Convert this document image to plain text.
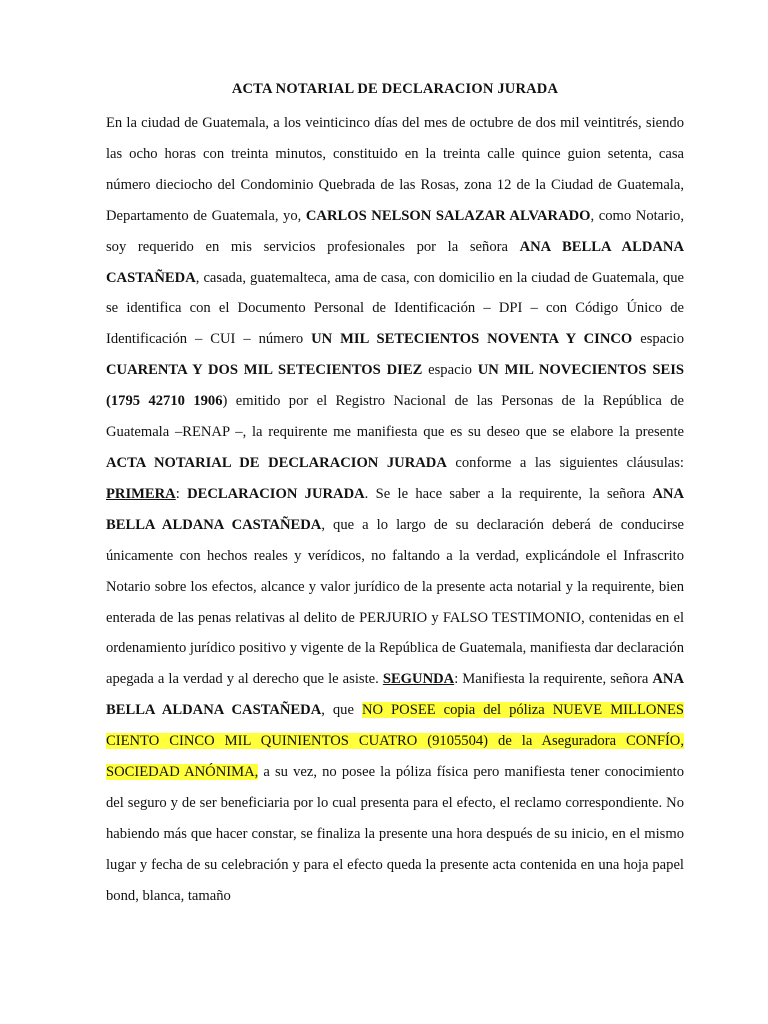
ACTA NOTARIAL DE DECLARACION JURADA

En la ciudad de Guatemala, a los veinticinco días del mes de octubre de dos mil veintitrés, siendo las ocho horas con treinta minutos, constituido en la treinta calle quince guion setenta, casa número dieciocho del Condominio Quebrada de las Rosas, zona 12 de la Ciudad de Guatemala, Departamento de Guatemala, yo, CARLOS NELSON SALAZAR ALVARADO, como Notario, soy requerido en mis servicios profesionales por la señora ANA BELLA ALDANA CASTAÑEDA, casada, guatemalteca, ama de casa, con domicilio en la ciudad de Guatemala, que se identifica con el Documento Personal de Identificación – DPI – con Código Único de Identificación – CUI – número UN MIL SETECIENTOS NOVENTA Y CINCO espacio CUARENTA Y DOS MIL SETECIENTOS DIEZ espacio UN MIL NOVECIENTOS SEIS (1795 42710 1906) emitido por el Registro Nacional de las Personas de la República de Guatemala –RENAP –, la requirente me manifiesta que es su deseo que se elabore la presente ACTA NOTARIAL DE DECLARACION JURADA conforme a las siguientes cláusulas: PRIMERA: DECLARACION JURADA. Se le hace saber a la requirente, la señora ANA BELLA ALDANA CASTAÑEDA, que a lo largo de su declaración deberá de conducirse únicamente con hechos reales y verídicos, no faltando a la verdad, explicándole el Infrascrito Notario sobre los efectos, alcance y valor jurídico de la presente acta notarial y la requirente, bien enterada de las penas relativas al delito de PERJURIO y FALSO TESTIMONIO, contenidas en el ordenamiento jurídico positivo y vigente de la República de Guatemala, manifiesta dar declaración apegada a la verdad y al derecho que le asiste. SEGUNDA: Manifiesta la requirente, señora ANA BELLA ALDANA CASTAÑEDA, que NO POSEE copia del póliza NUEVE MILLONES CIENTO CINCO MIL QUINIENTOS CUATRO (9105504) de la Aseguradora CONFÍO, SOCIEDAD ANÓNIMA, a su vez, no posee la póliza física pero manifiesta tener conocimiento del seguro y de ser beneficiaria por lo cual presenta para el efecto, el reclamo correspondiente. No habiendo más que hacer constar, se finaliza la presente una hora después de su inicio, en el mismo lugar y fecha de su celebración y para el efecto queda la presente acta contenida en una hoja papel bond, blanca, tamaño
